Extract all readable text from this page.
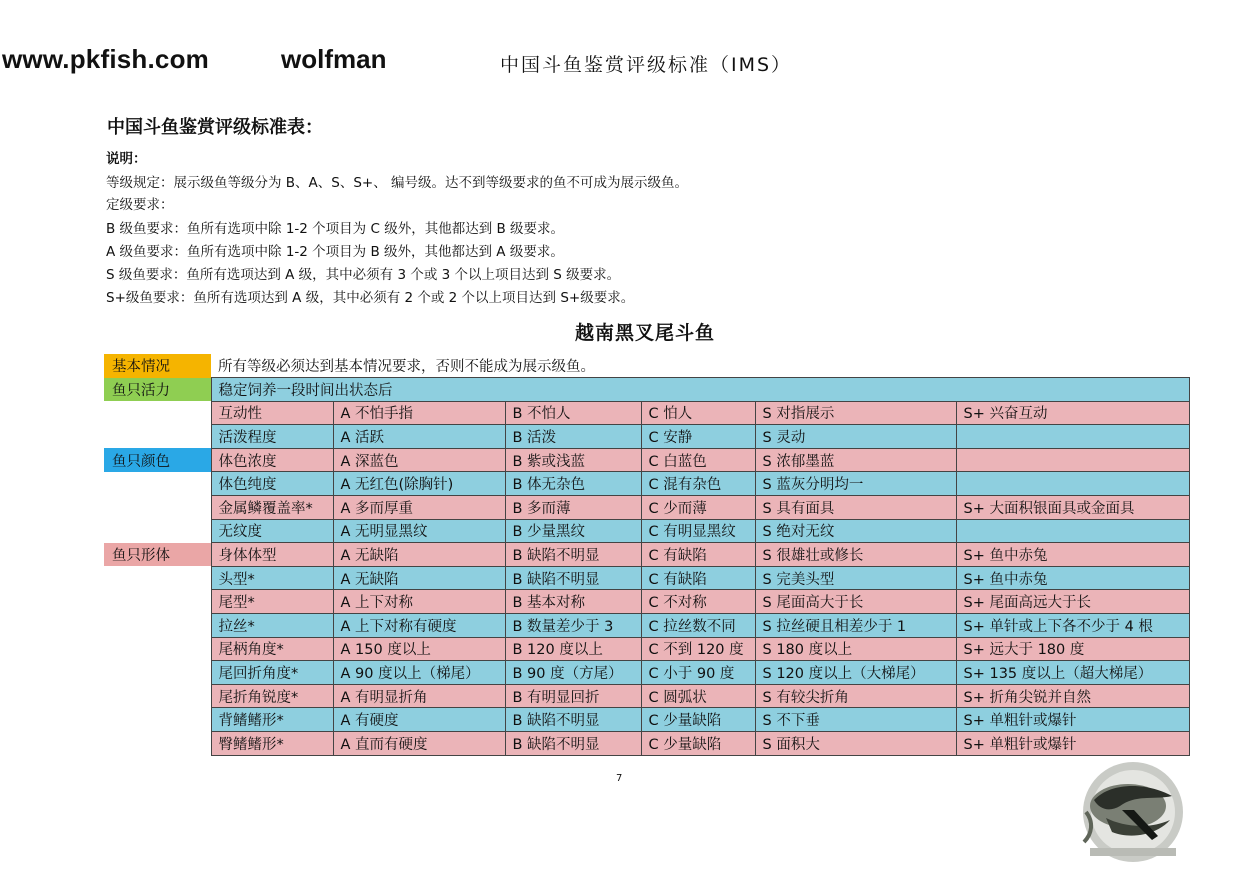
www.pkfish.com	wolfman	中国斗鱼鉴赏评级标准（IMS）
中国斗鱼鉴赏评级标准表：
说明：
等级规定：展示级鱼等级分为 B、A、S、S+、 编号级。达不到等级要求的鱼不可成为展示级鱼。
定级要求：
B 级鱼要求：鱼所有选项中除 1-2 个项目为 C 级外，其他都达到 B 级要求。
A 级鱼要求：鱼所有选项中除 1-2 个项目为 B 级外，其他都达到 A 级要求。
S 级鱼要求：鱼所有选项达到 A 级，其中必须有 3 个或 3 个以上项目达到 S 级要求。
S+级鱼要求：鱼所有选项达到 A 级，其中必须有 2 个或 2 个以上项目达到 S+级要求。
越南黑叉尾斗鱼
基本情况	所有等级必须达到基本情况要求，否则不能成为展示级鱼。					
鱼只活力	稳定饲养一段时间出状态后					
	互动性	A 不怕手指	B 不怕人	C 怕人	S 对指展示	S+ 兴奋互动
	活泼程度	A 活跃	B 活泼	C 安静	S 灵动	
鱼只颜色	体色浓度	A 深蓝色	B 紫或浅蓝	C 白蓝色	S 浓郁墨蓝	
	体色纯度	A 无红色(除胸针)	B 体无杂色	C 混有杂色	S 蓝灰分明均一	
	金属鳞覆盖率*	A 多而厚重	B 多而薄	C 少而薄	S 具有面具	S+ 大面积银面具或金面具
	无纹度	A 无明显黑纹	B 少量黑纹	C 有明显黑纹	S 绝对无纹	
鱼只形体	身体体型	A 无缺陷	B 缺陷不明显	C 有缺陷	S 很雄壮或修长	S+ 鱼中赤兔
	头型*	A 无缺陷	B 缺陷不明显	C 有缺陷	S 完美头型	S+ 鱼中赤兔
	尾型*	A 上下对称	B 基本对称	C 不对称	S 尾面高大于长	S+ 尾面高远大于长
	拉丝*	A 上下对称有硬度	B 数量差少于 3	C 拉丝数不同	S 拉丝硬且相差少于 1	S+ 单针或上下各不少于 4 根
	尾柄角度*	A 150 度以上	B 120 度以上	C 不到 120 度	S 180 度以上	S+ 远大于 180 度
	尾回折角度*	A 90 度以上（梯尾）	B 90 度（方尾）	C 小于 90 度	S 120 度以上（大梯尾）	S+ 135 度以上（超大梯尾）
	尾折角锐度*	A 有明显折角	B 有明显回折	C 圆弧状	S 有较尖折角	S+ 折角尖锐并自然
	背鳍鳍形*	A 有硬度	B 缺陷不明显	C 少量缺陷	S 不下垂	S+ 单粗针或爆针
	臀鳍鳍形*	A 直而有硬度	B 缺陷不明显	C 少量缺陷	S 面积大	S+ 单粗针或爆针
7
